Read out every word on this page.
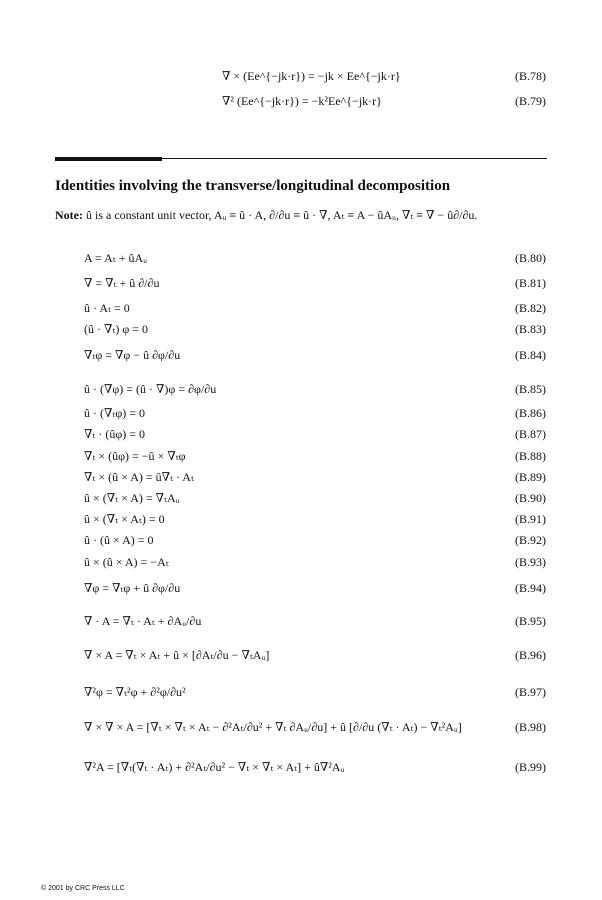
∇ × (Ee^{−jk·r}) = −jk × Ee^{−jk·r}	(B.78)
∇² (Ee^{−jk·r}) = −k²Ee^{−jk·r}	(B.79)
Identities involving the transverse/longitudinal decomposition
Note: û is a constant unit vector, Aᵤ ≡ û · A, ∂/∂u ≡ û · ∇, Aₜ ≡ A − ûAᵤ, ∇ₜ ≡ ∇ − û∂/∂u.
A = Aₜ + ûAᵤ	(B.80)
∇ = ∇ₜ + û ∂/∂u	(B.81)
û · Aₜ = 0	(B.82)
(û · ∇ₜ) φ = 0	(B.83)
∇ₜφ = ∇φ − û ∂φ/∂u	(B.84)
û · (∇φ) = (û · ∇)φ = ∂φ/∂u	(B.85)
û · (∇ₜφ) = 0	(B.86)
∇ₜ · (ûφ) = 0	(B.87)
∇ₜ × (ûφ) = −û × ∇ₜφ	(B.88)
∇ₜ × (û × A) = û∇ₜ · Aₜ	(B.89)
û × (∇ₜ × A) = ∇ₜAᵤ	(B.90)
û × (∇ₜ × Aₜ) = 0	(B.91)
û · (û × A) = 0	(B.92)
û × (û × A) = −Aₜ	(B.93)
∇φ = ∇ₜφ + û ∂φ/∂u	(B.94)
∇ · A = ∇ₜ · Aₜ + ∂Aᵤ/∂u	(B.95)
∇ × A = ∇ₜ × Aₜ + û × [∂Aₜ/∂u − ∇ₜAᵤ]	(B.96)
∇²φ = ∇ₜ²φ + ∂²φ/∂u²	(B.97)
∇ × ∇ × A = [∇ₜ × ∇ₜ × Aₜ − ∂²Aₜ/∂u² + ∇ₜ ∂Aᵤ/∂u] + û [∂/∂u (∇ₜ · Aₜ) − ∇ₜ²Aᵤ]	(B.98)
∇²A = [∇ₜ(∇ₜ · Aₜ) + ∂²Aₜ/∂u² − ∇ₜ × ∇ₜ × Aₜ] + û∇²Aᵤ	(B.99)
© 2001 by CRC Press LLC
